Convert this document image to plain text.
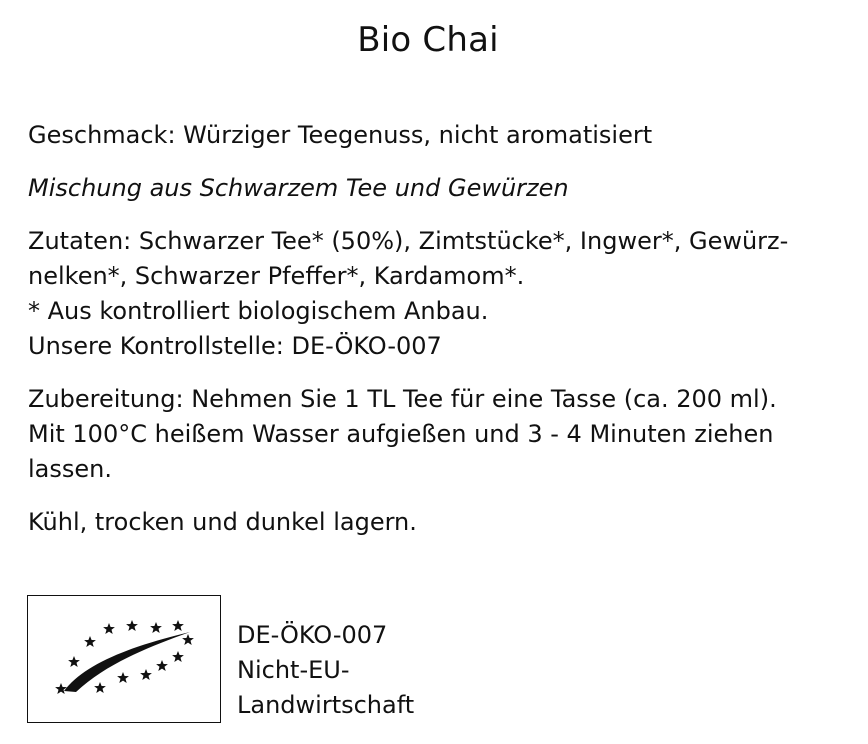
Bio Chai

Geschmack: Würziger Teegenuss, nicht aromatisiert

Mischung aus Schwarzem Tee und Gewürzen

Zutaten: Schwarzer Tee* (50%), Zimtstücke*, Ingwer*, Gewürz-
nelken*, Schwarzer Pfeffer*, Kardamom*.
* Aus kontrolliert biologischem Anbau.
Unsere Kontrollstelle: DE-ÖKO-007
Zubereitung: Nehmen Sie 1 TL Tee für eine Tasse (ca. 200 ml).
Mit 100°C heißem Wasser aufgießen und 3 - 4 Minuten ziehen
lassen.

Kühl, trocken und dunkel lagern.

DE-ÖKO-007
Nicht-EU-
Landwirtschaft
